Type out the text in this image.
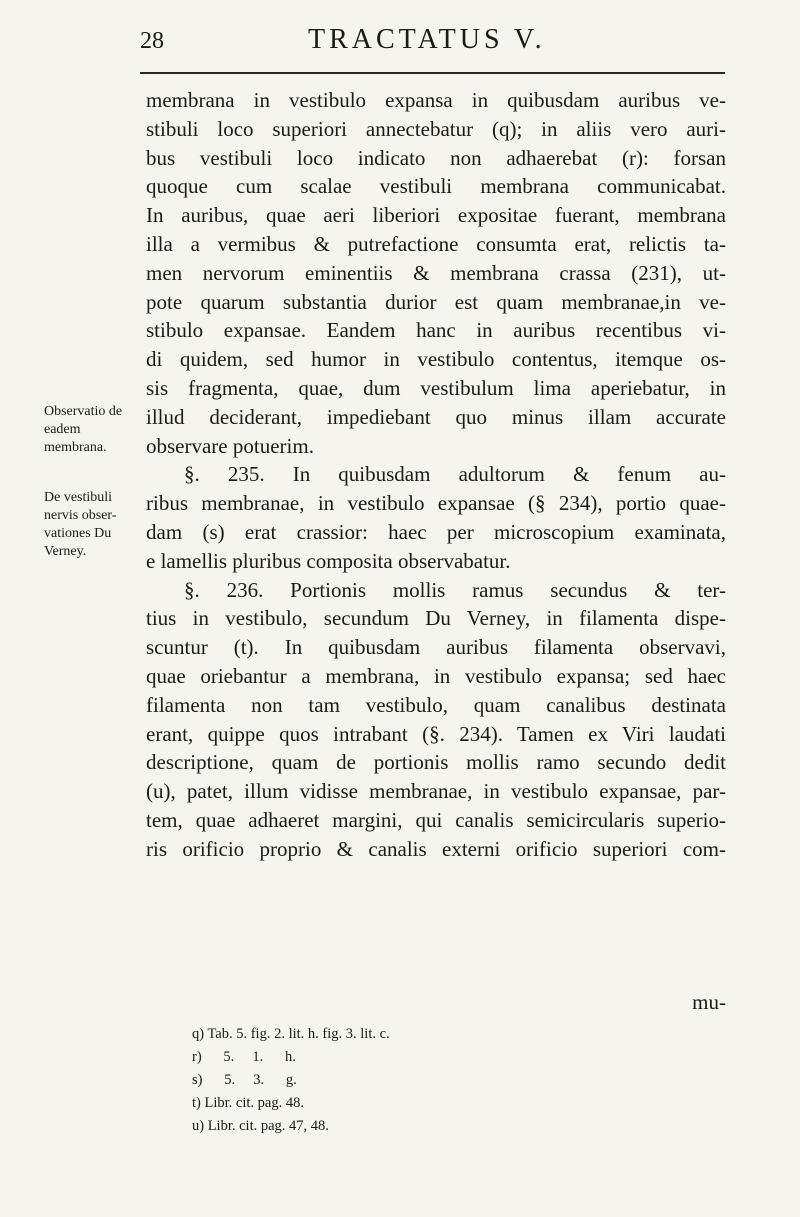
28	TRACTATUS V.

membrana in vestibulo expansa in quibusdam auribus ve-

stibuli loco superiori annectebatur (q); in aliis vero auri-

bus vestibuli loco indicato non adhaerebat (r): forsan

quoque cum scalae vestibuli membrana communicabat.

In auribus, quae aeri liberiori expositae fuerant, membrana

illa a vermibus & putrefactione consumta erat, relictis ta-

men nervorum eminentiis & membrana crassa (231), ut-

pote quarum substantia durior est quam membranae,in ve-

stibulo expansae. Eandem hanc in auribus recentibus vi-

di quidem, sed humor in vestibulo contentus, itemque os-

sis fragmenta, quae, dum vestibulum lima aperiebatur, in

illud deciderant, impediebant quo minus illam accurate

observare potuerim.

§. 235. In quibusdam adultorum & fenum au-

ribus membranae, in vestibulo expansae (§ 234), portio quae-

dam (s) erat crassior: haec per microscopium examinata,

e lamellis pluribus composita observabatur.

§. 236. Portionis mollis ramus secundus & ter-

tius in vestibulo, secundum Du Verney, in filamenta dispe-

scuntur (t). In quibusdam auribus filamenta observavi,

quae oriebantur a membrana, in vestibulo expansa; sed haec

filamenta non tam vestibulo, quam canalibus destinata

erant, quippe quos intrabant (§. 234). Tamen ex Viri laudati

descriptione, quam de portionis mollis ramo secundo dedit

(u), patet, illum vidisse membranae, in vestibulo expansae, par-

tem, quae adhaeret margini, qui canalis semicircularis superio-

ris orificio proprio & canalis externi orificio superiori com-

mu-

Observatio de eadem membrana.

De vestibuli nervis obser-vationes Du Verney.

q) Tab. 5. fig. 2. lit. h. fig. 3. lit. c.

r)      5.     1.      h.

s)      5.     3.      g.

t) Libr. cit. pag. 48.

u) Libr. cit. pag. 47, 48.
